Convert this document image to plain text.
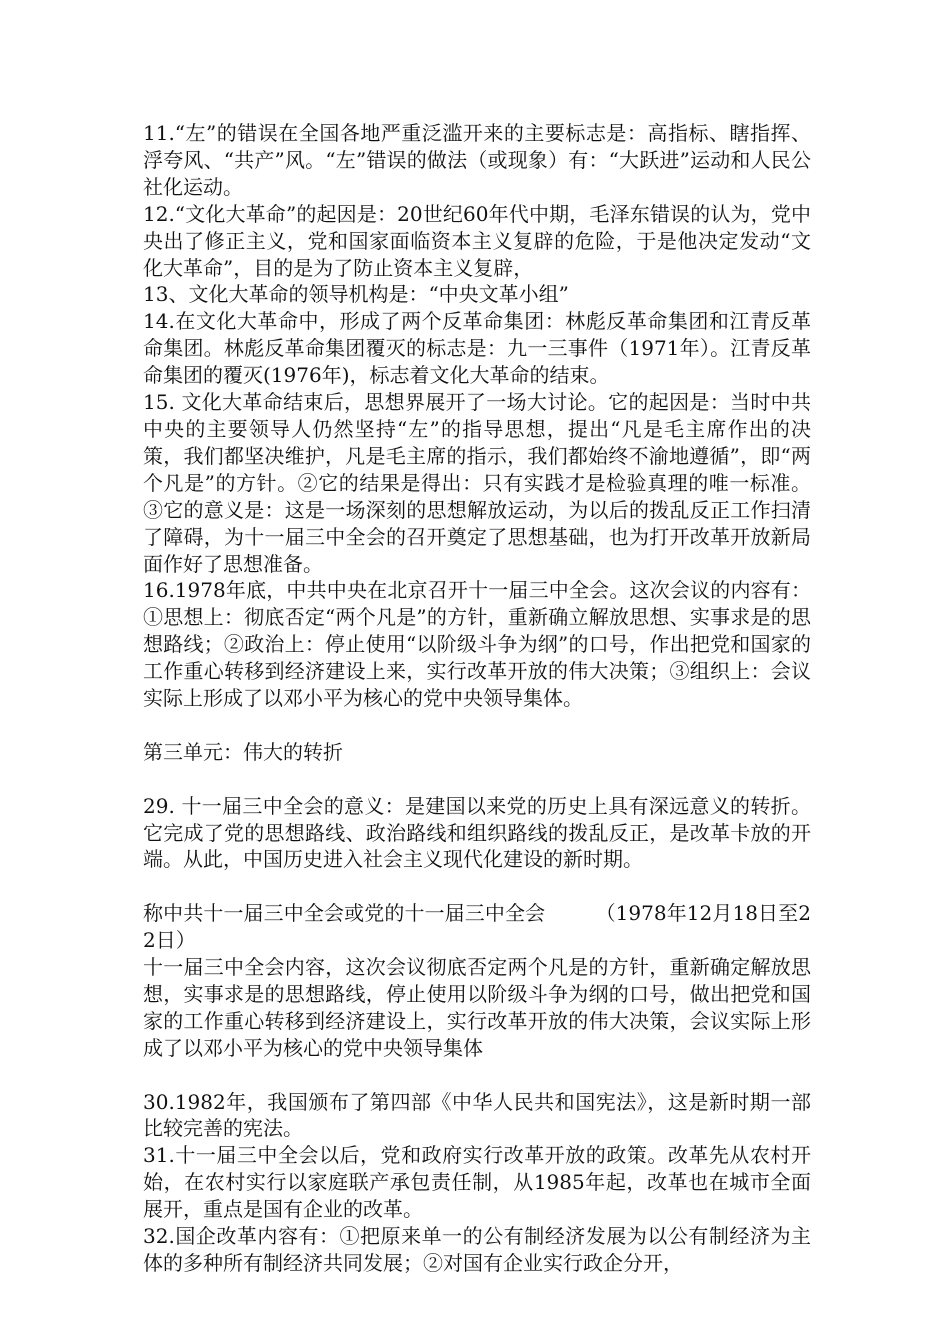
11.“左”的错误在全国各地严重泛滥开来的主要标志是：高指标、瞎指挥、浮夸风、“共产”风。“左”错误的做法（或现象）有：“大跃进”运动和人民公社化运动。

12.“文化大革命”的起因是：20世纪60年代中期，毛泽东错误的认为，党中央出了修正主义，党和国家面临资本主义复辟的危险，于是他决定发动“文化大革命”，目的是为了防止资本主义复辟，

13、文化大革命的领导机构是：“中央文革小组”

14.在文化大革命中，形成了两个反革命集团：林彪反革命集团和江青反革命集团。林彪反革命集团覆灭的标志是：九一三事件（1971年）。江青反革命集团的覆灭(1976年)，标志着文化大革命的结束。

15. 文化大革命结束后，思想界展开了一场大讨论。它的起因是：当时中共中央的主要领导人仍然坚持“左”的指导思想，提出“凡是毛主席作出的决策，我们都坚决维护，凡是毛主席的指示，我们都始终不渝地遵循”，即“两个凡是”的方针。②它的结果是得出：只有实践才是检验真理的唯一标准。③它的意义是：这是一场深刻的思想解放运动，为以后的拨乱反正工作扫清了障碍，为十一届三中全会的召开奠定了思想基础，也为打开改革开放新局面作好了思想准备。

16.1978年底，中共中央在北京召开十一届三中全会。这次会议的内容有：①思想上：彻底否定“两个凡是”的方针，重新确立解放思想、实事求是的思想路线；②政治上：停止使用“以阶级斗争为纲”的口号，作出把党和国家的工作重心转移到经济建设上来，实行改革开放的伟大决策；③组织上：会议实际上形成了以邓小平为核心的党中央领导集体。

第三单元：伟大的转折

29. 十一届三中全会的意义：是建国以来党的历史上具有深远意义的转折。它完成了党的思想路线、政治路线和组织路线的拨乱反正，是改革卡放的开端。从此，中国历史进入社会主义现代化建设的新时期。

称中共十一届三中全会或党的十一届三中全会　　　（1978年12月18日至22日）

十一届三中全会内容，这次会议彻底否定两个凡是的方针，重新确定解放思想，实事求是的思想路线，停止使用以阶级斗争为纲的口号，做出把党和国家的工作重心转移到经济建设上，实行改革开放的伟大决策，会议实际上形成了以邓小平为核心的党中央领导集体

30.1982年，我国颁布了第四部《中华人民共和国宪法》，这是新时期一部比较完善的宪法。

31.十一届三中全会以后，党和政府实行改革开放的政策。改革先从农村开始，在农村实行以家庭联产承包责任制，从1985年起，改革也在城市全面展开，重点是国有企业的改革。

32.国企改革内容有：①把原来单一的公有制经济发展为以公有制经济为主体的多种所有制经济共同发展；②对国有企业实行政企分开，
